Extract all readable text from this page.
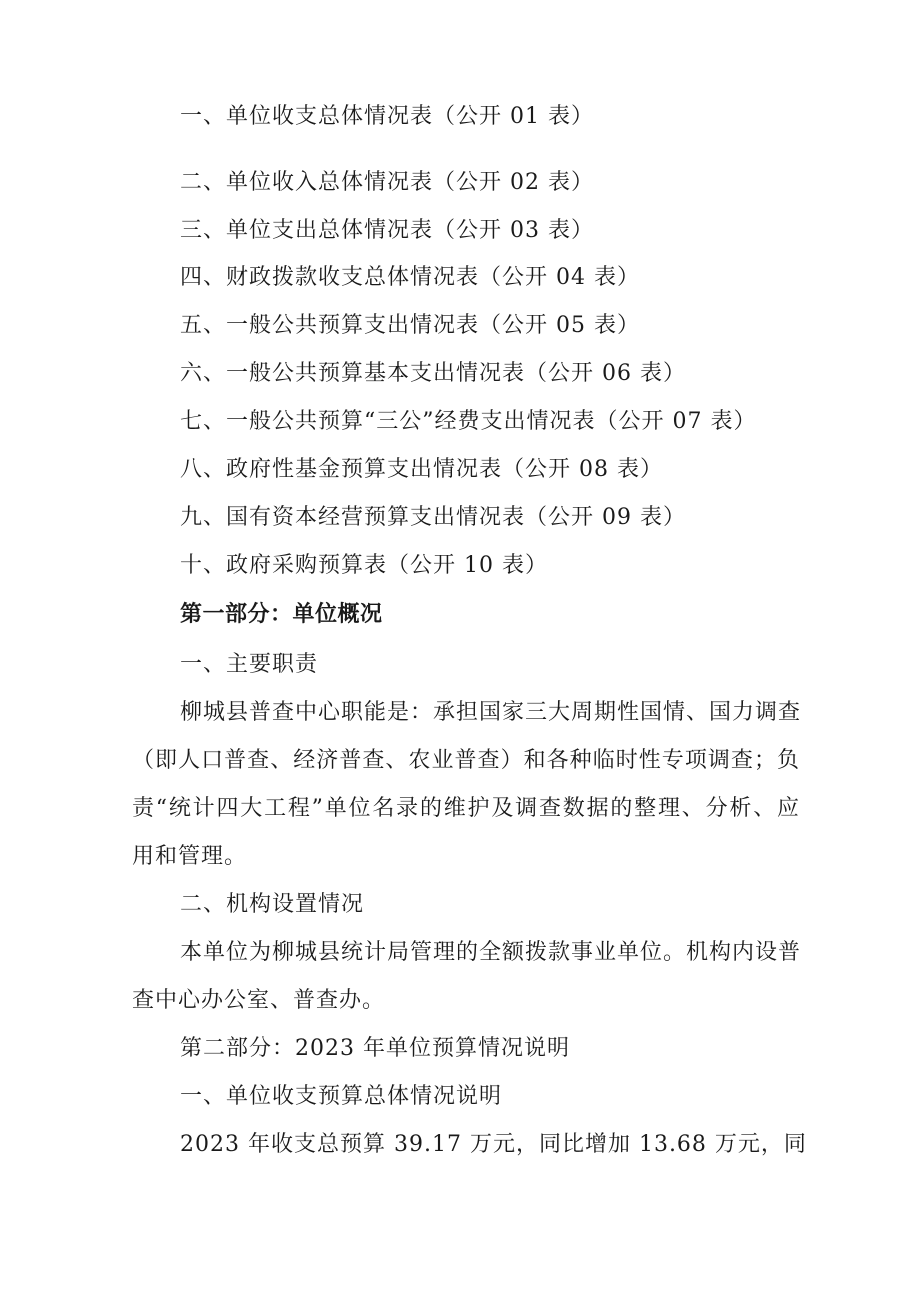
一、单位收支总体情况表（公开 01 表）

二、单位收入总体情况表（公开 02 表）

三、单位支出总体情况表（公开 03 表）

四、财政拨款收支总体情况表（公开 04 表）

五、一般公共预算支出情况表（公开 05 表）

六、一般公共预算基本支出情况表（公开 06 表）

七、一般公共预算“三公”经费支出情况表（公开 07 表）

八、政府性基金预算支出情况表（公开 08 表）

九、国有资本经营预算支出情况表（公开 09 表）

十、政府采购预算表（公开 10 表）

第一部分：单位概况

一、主要职责

柳城县普查中心职能是：承担国家三大周期性国情、国力调查

（即人口普查、经济普查、农业普查）和各种临时性专项调查；负

责“统计四大工程”单位名录的维护及调查数据的整理、分析、应

用和管理。

二、机构设置情况

本单位为柳城县统计局管理的全额拨款事业单位。机构内设普

查中心办公室、普查办。

第二部分：2023 年单位预算情况说明

一、单位收支预算总体情况说明

2023 年收支总预算 39.17 万元，同比增加 13.68 万元，同
